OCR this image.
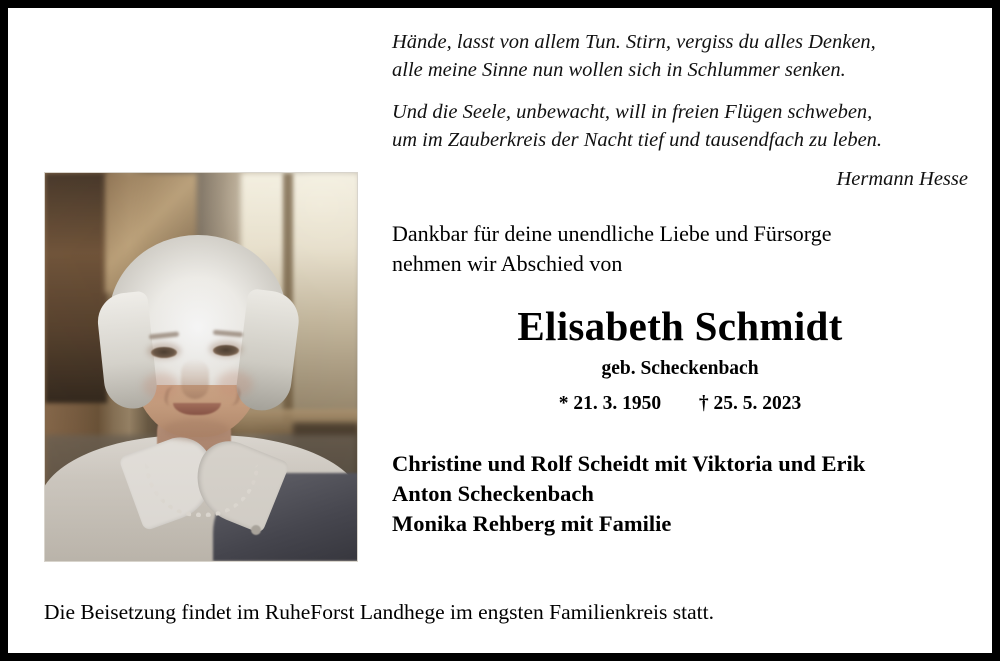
Hände, lasst von allem Tun. Stirn, vergiss du alles Denken,

alle meine Sinne nun wollen sich in Schlummer senken.

Und die Seele, unbewacht, will in freien Flügen schweben,

um im Zauberkreis der Nacht tief und tausendfach zu leben.

Hermann Hesse

Dankbar für deine unendliche Liebe und Fürsorge

nehmen wir Abschied von

Elisabeth Schmidt
geb. Scheckenbach
* 21. 3. 1950 † 25. 5. 2023
Christine und Rolf Scheidt mit Viktoria und Erik
Anton Scheckenbach
Monika Rehberg mit Familie
Die Beisetzung findet im RuheForst Landhege im engsten Familienkreis statt.
